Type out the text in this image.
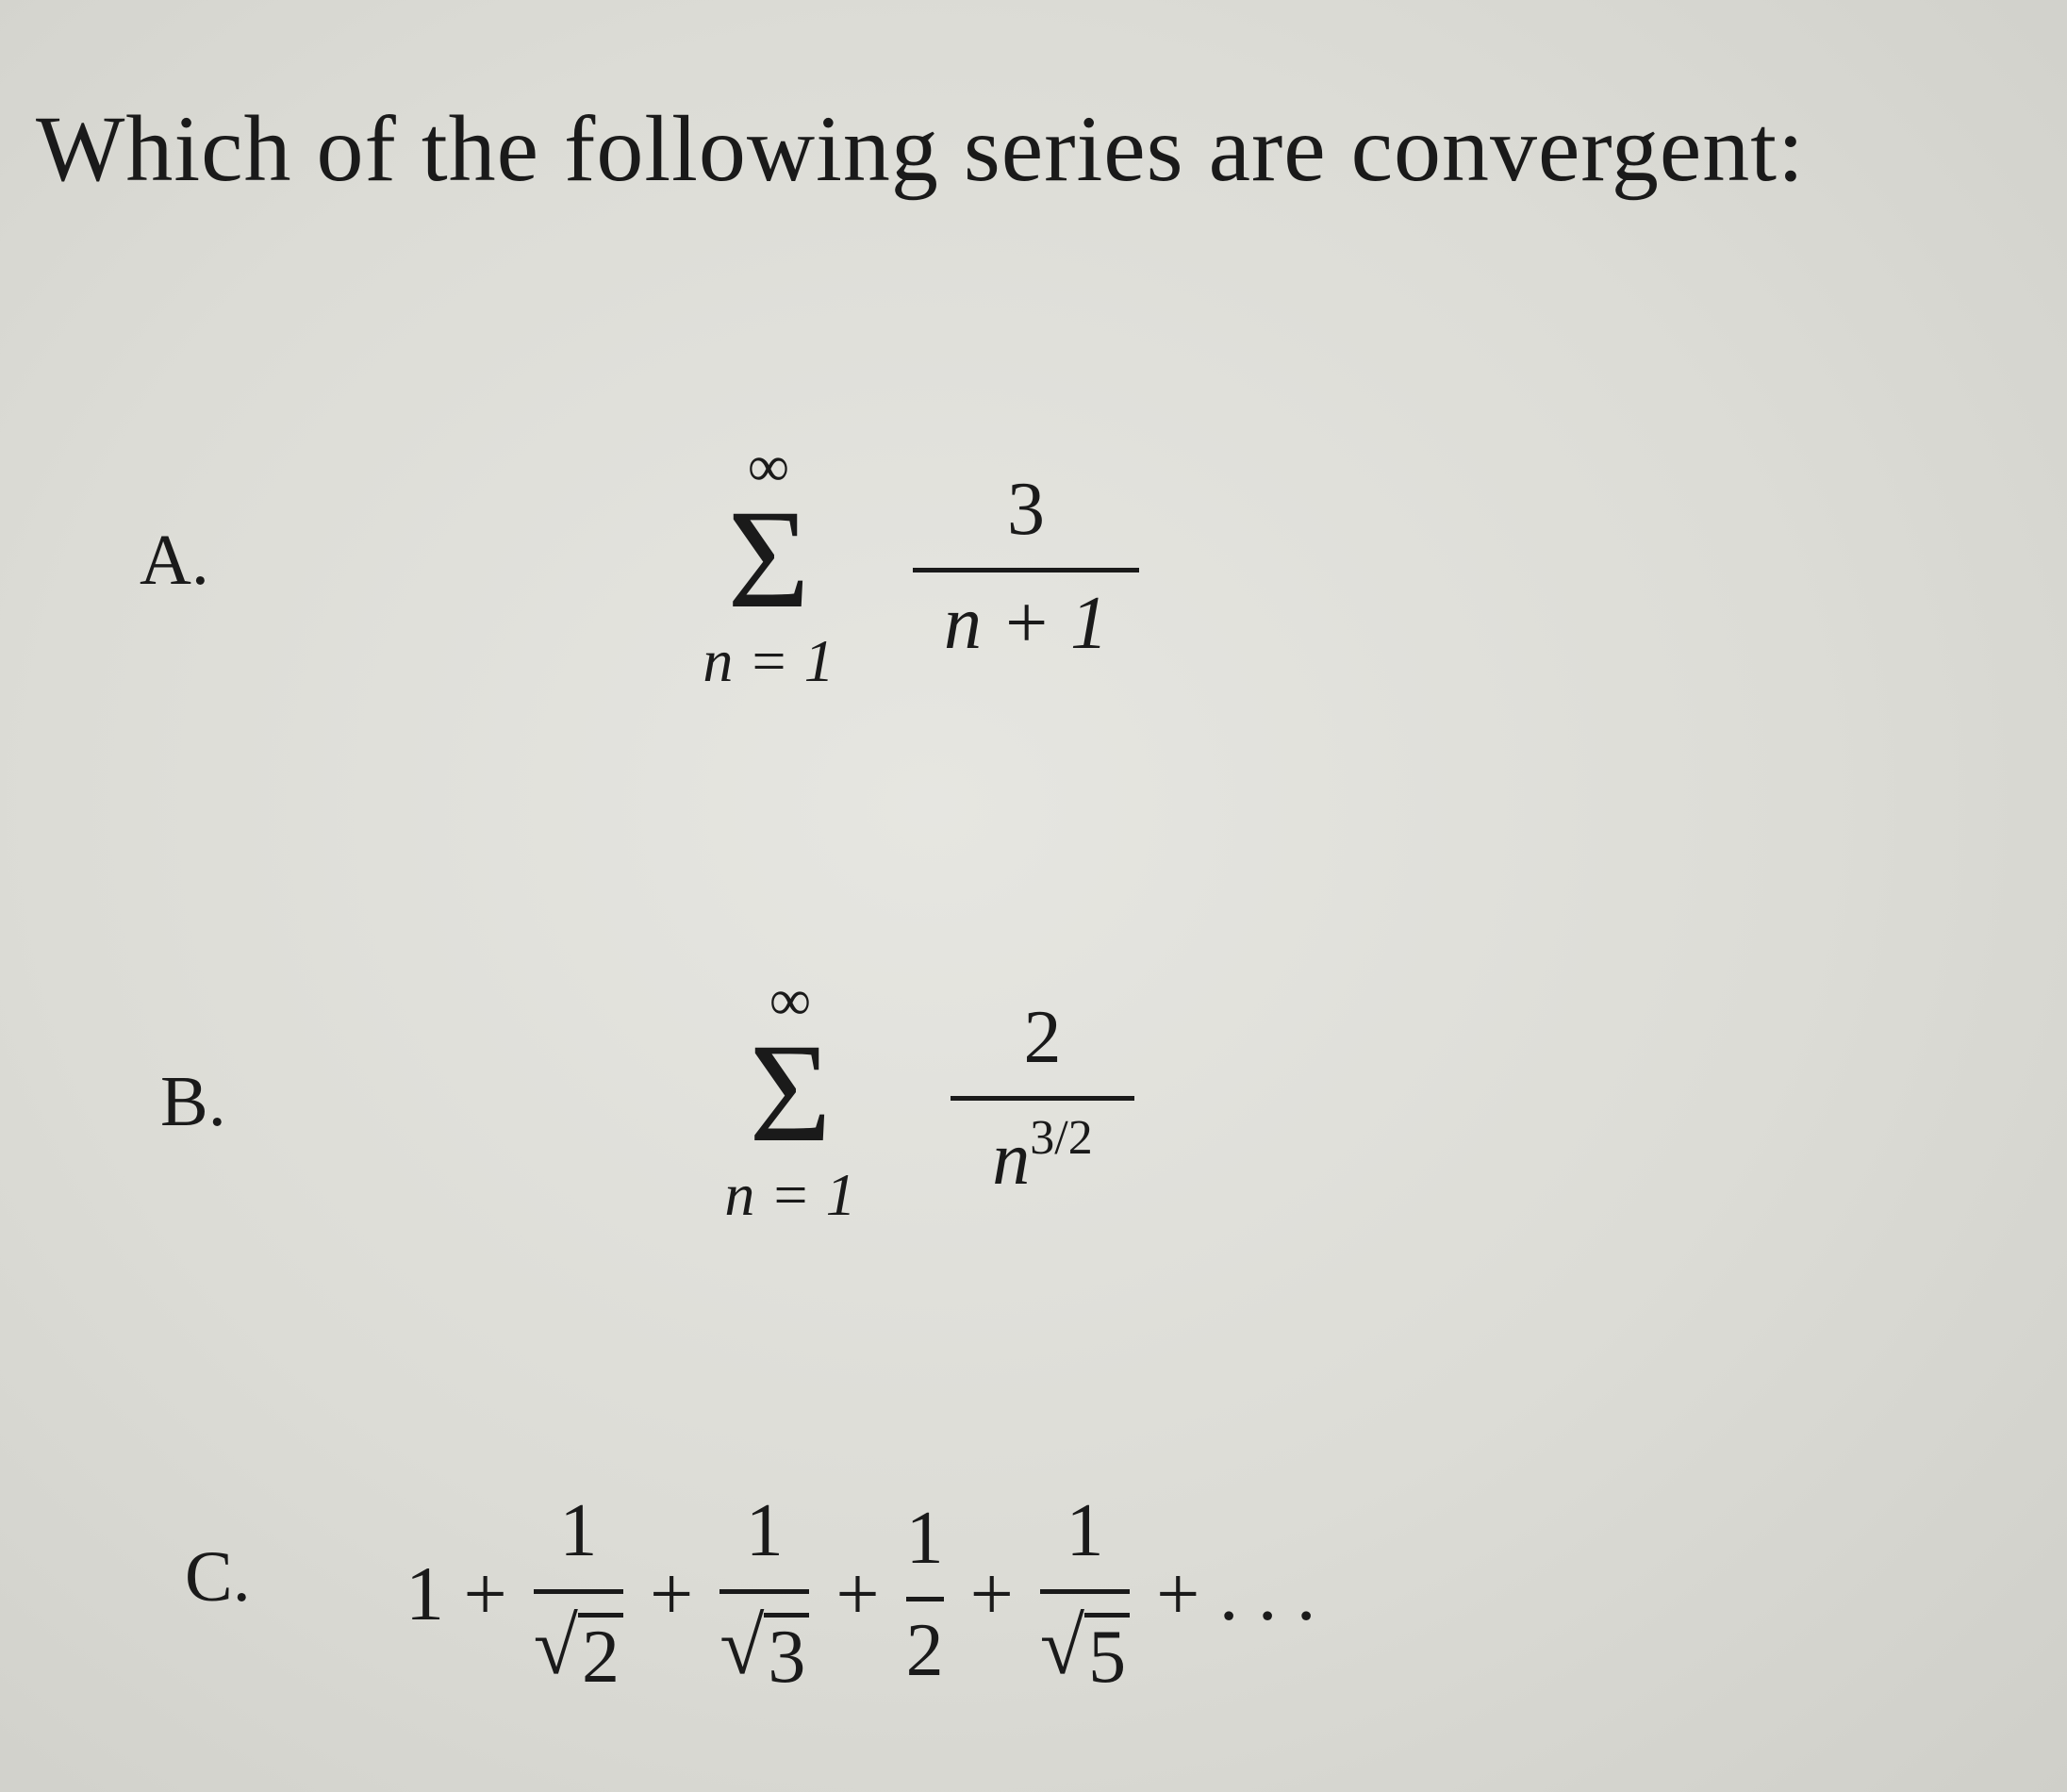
Which of the following series are convergent:
A.
∞
Σ
n = 1
3
n + 1
B.
∞
Σ
n = 1
2
$n^{3/2}$
C. 1 +
1
√ 2
+
1
√ 3
+
1
2
+
1
√ 5
+ . . .
